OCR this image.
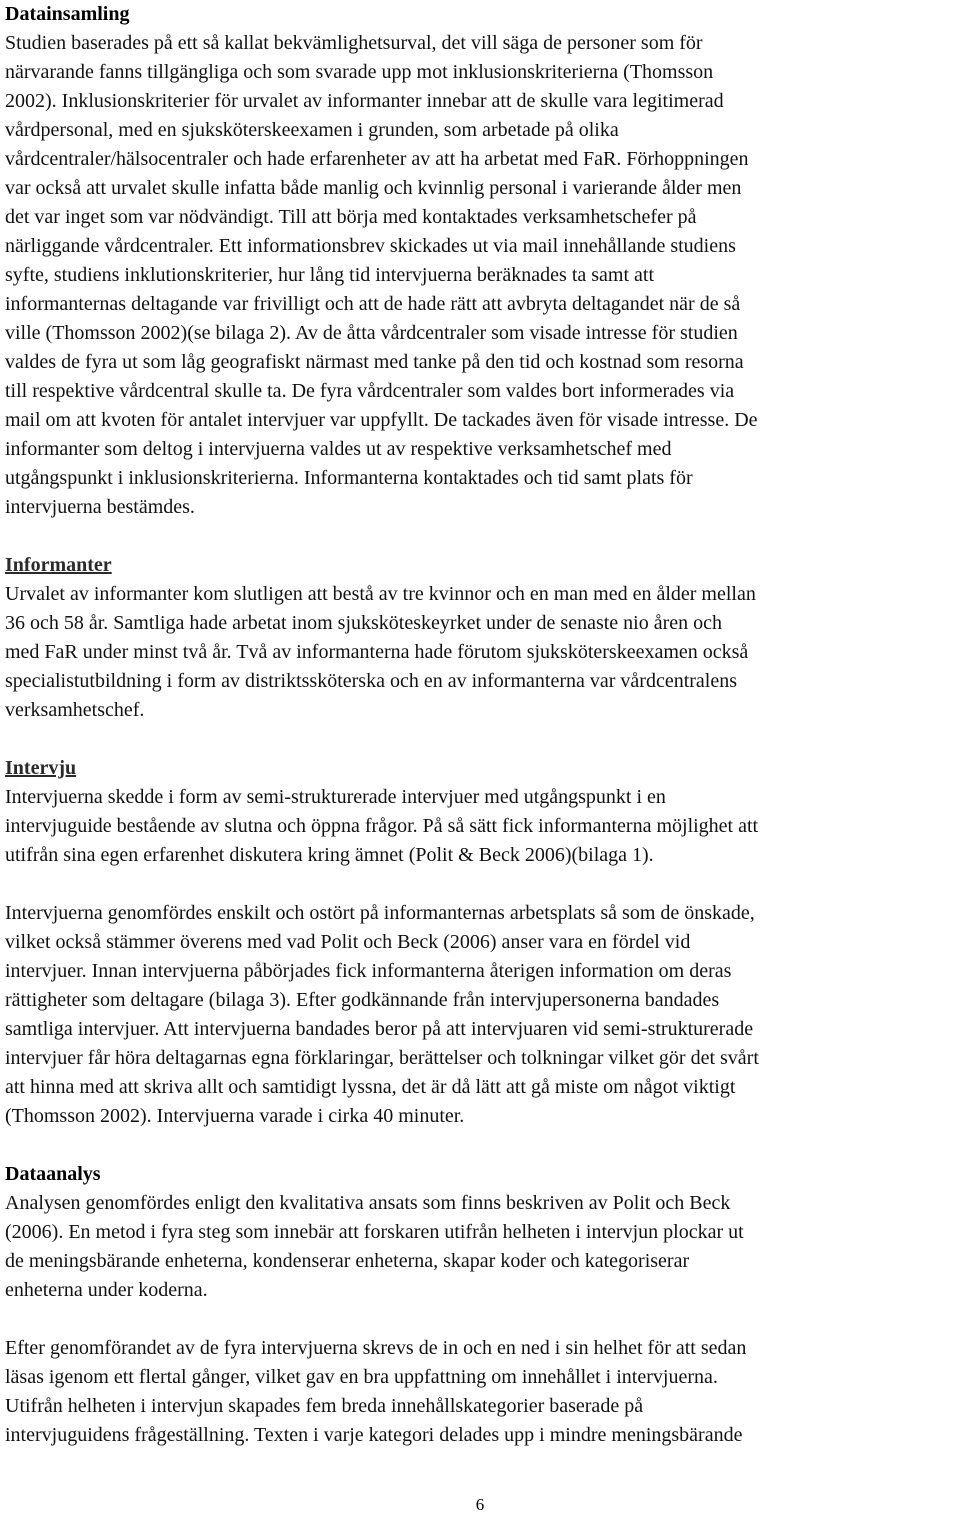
Datainsamling
Studien baserades på ett så kallat bekvämlighetsurval, det vill säga de personer som för
närvarande fanns tillgängliga och som svarade upp mot inklusionskriterierna (Thomsson
2002). Inklusionskriterier för urvalet av informanter innebar att de skulle vara legitimerad
vårdpersonal, med en sjuksköterskeexamen i grunden, som arbetade på olika
vårdcentraler/hälsocentraler och hade erfarenheter av att ha arbetat med FaR. Förhoppningen
var också att urvalet skulle infatta både manlig och kvinnlig personal i varierande ålder men
det var inget som var nödvändigt. Till att börja med kontaktades verksamhetschefer på
närliggande vårdcentraler. Ett informationsbrev skickades ut via mail innehållande studiens
syfte, studiens inklutionskriterier, hur lång tid intervjuerna beräknades ta samt att
informanternas deltagande var frivilligt och att de hade rätt att avbryta deltagandet när de så
ville (Thomsson 2002)(se bilaga 2). Av de åtta vårdcentraler som visade intresse för studien
valdes de fyra ut som låg geografiskt närmast med tanke på den tid och kostnad som resorna
till respektive vårdcentral skulle ta. De fyra vårdcentraler som valdes bort informerades via
mail om att kvoten för antalet intervjuer var uppfyllt. De tackades även för visade intresse. De
informanter som deltog i intervjuerna valdes ut av respektive verksamhetschef med
utgångspunkt i inklusionskriterierna. Informanterna kontaktades och tid samt plats för
intervjuerna bestämdes.
Informanter
Urvalet av informanter kom slutligen att bestå av tre kvinnor och en man med en ålder mellan
36 och 58 år. Samtliga hade arbetat inom sjuksköteskeyrket under de senaste nio åren och
med FaR under minst två år. Två av informanterna hade förutom sjuksköterskeexamen också
specialistutbildning i form av distriktssköterska och en av informanterna var vårdcentralens
verksamhetschef.
Intervju
Intervjuerna skedde i form av semi-strukturerade intervjuer med utgångspunkt i en
intervjuguide bestående av slutna och öppna frågor. På så sätt fick informanterna möjlighet att
utifrån sina egen erfarenhet diskutera kring ämnet (Polit & Beck 2006)(bilaga 1).
Intervjuerna genomfördes enskilt och ostört på informanternas arbetsplats så som de önskade,
vilket också stämmer överens med vad Polit och Beck (2006) anser vara en fördel vid
intervjuer. Innan intervjuerna påbörjades fick informanterna återigen information om deras
rättigheter som deltagare (bilaga 3). Efter godkännande från intervjupersonerna bandades
samtliga intervjuer. Att intervjuerna bandades beror på att intervjuaren vid semi-strukturerade
intervjuer får höra deltagarnas egna förklaringar, berättelser och tolkningar vilket gör det svårt
att hinna med att skriva allt och samtidigt lyssna, det är då lätt att gå miste om något viktigt
(Thomsson 2002). Intervjuerna varade i cirka 40 minuter.
Dataanalys
Analysen genomfördes enligt den kvalitativa ansats som finns beskriven av Polit och Beck
(2006). En metod i fyra steg som innebär att forskaren utifrån helheten i intervjun plockar ut
de meningsbärande enheterna, kondenserar enheterna, skapar koder och kategoriserar
enheterna under koderna.
Efter genomförandet av de fyra intervjuerna skrevs de in och en ned i sin helhet för att sedan
läsas igenom ett flertal gånger, vilket gav en bra uppfattning om innehållet i intervjuerna.
Utifrån helheten i intervjun skapades fem breda innehållskategorier baserade på
intervjuguidens frågeställning. Texten i varje kategori delades upp i mindre meningsbärande
6
